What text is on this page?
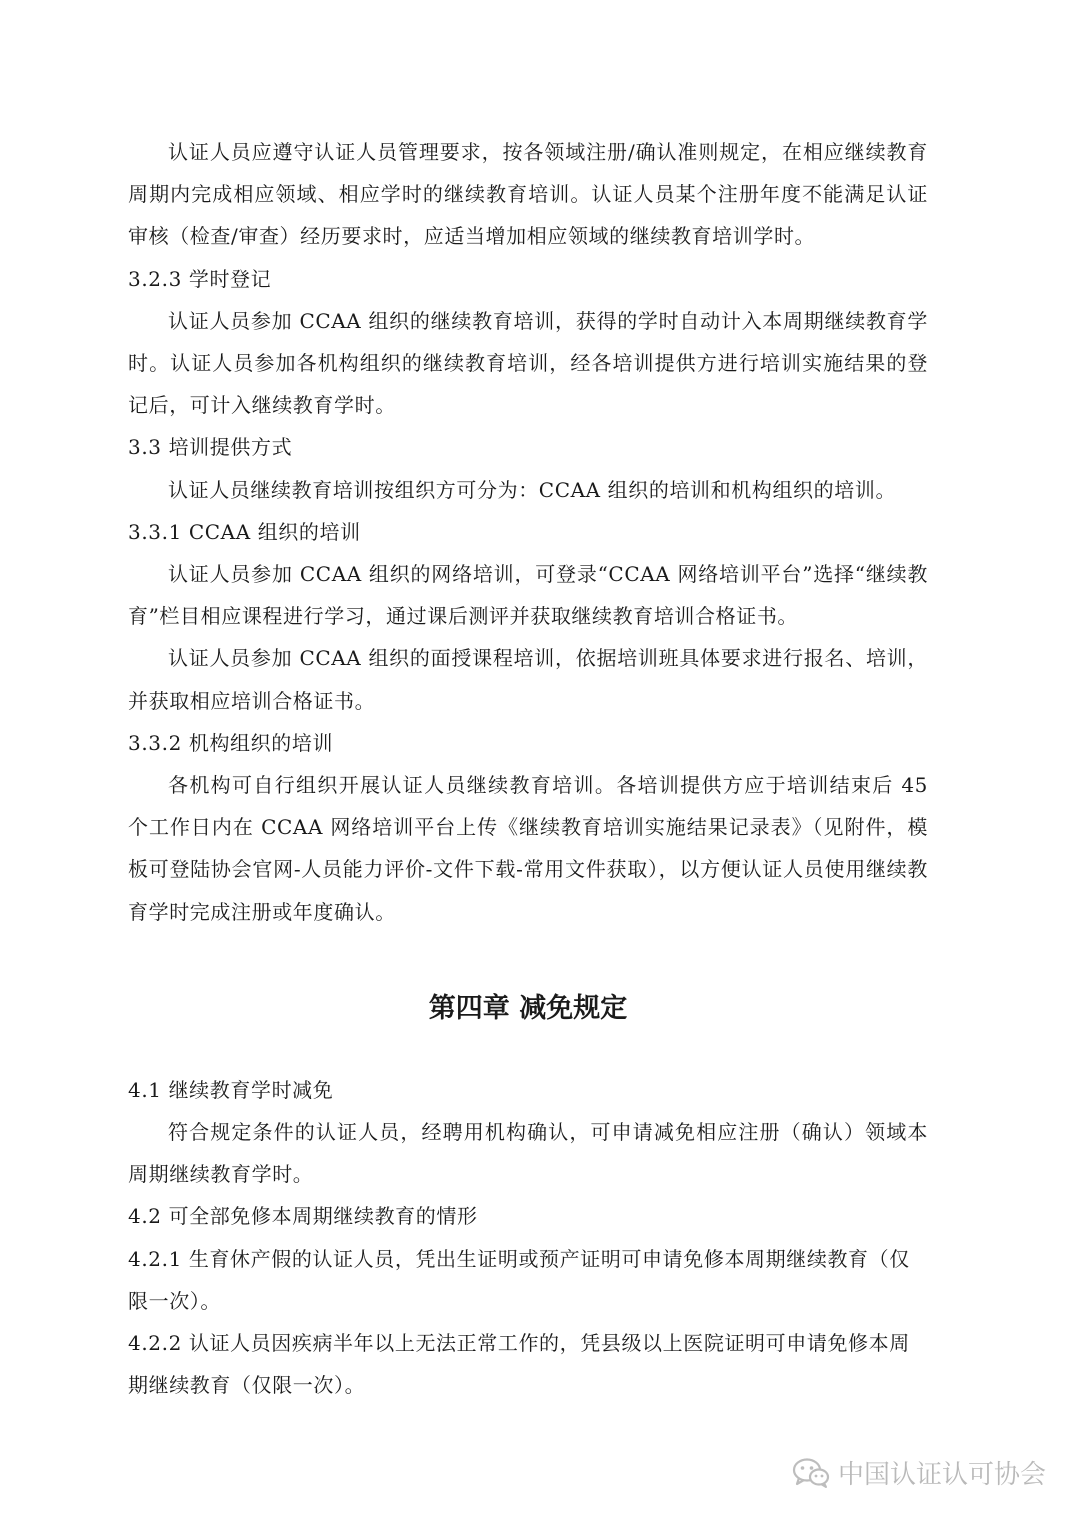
认证人员应遵守认证人员管理要求，按各领域注册/确认准则规定，在相应继续教育周期内完成相应领域、相应学时的继续教育培训。认证人员某个注册年度不能满足认证审核（检查/审查）经历要求时，应适当增加相应领域的继续教育培训学时。

3.2.3 学时登记

认证人员参加 CCAA 组织的继续教育培训，获得的学时自动计入本周期继续教育学时。认证人员参加各机构组织的继续教育培训，经各培训提供方进行培训实施结果的登记后，可计入继续教育学时。

3.3 培训提供方式

认证人员继续教育培训按组织方可分为：CCAA 组织的培训和机构组织的培训。

3.3.1 CCAA 组织的培训

认证人员参加 CCAA 组织的网络培训，可登录“CCAA 网络培训平台”选择“继续教育”栏目相应课程进行学习，通过课后测评并获取继续教育培训合格证书。

认证人员参加 CCAA 组织的面授课程培训，依据培训班具体要求进行报名、培训，并获取相应培训合格证书。

3.3.2 机构组织的培训

各机构可自行组织开展认证人员继续教育培训。各培训提供方应于培训结束后 45 个工作日内在 CCAA 网络培训平台上传《继续教育培训实施结果记录表》（见附件，模板可登陆协会官网-人员能力评价-文件下载-常用文件获取），以方便认证人员使用继续教育学时完成注册或年度确认。

第四章 减免规定

4.1 继续教育学时减免

符合规定条件的认证人员，经聘用机构确认，可申请减免相应注册（确认）领域本周期继续教育学时。

4.2 可全部免修本周期继续教育的情形

4.2.1 生育休产假的认证人员，凭出生证明或预产证明可申请免修本周期继续教育（仅限一次）。

4.2.2 认证人员因疾病半年以上无法正常工作的，凭县级以上医院证明可申请免修本周期继续教育（仅限一次）。

中国认证认可协会
